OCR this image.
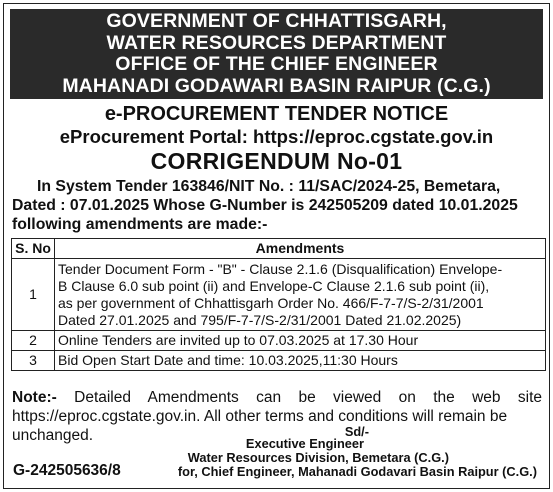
GOVERNMENT OF CHHATTISGARH,
WATER RESOURCES DEPARTMENT
OFFICE OF THE CHIEF ENGINEER
MAHANADI GODAWARI BASIN RAIPUR (C.G.)
e-PROCUREMENT TENDER NOTICE
eProcurement Portal: https://eproc.cgstate.gov.in
CORRIGENDUM No-01
In System Tender 163846/NIT No. : 11/SAC/2024-25, Bemetara,
Dated : 07.01.2025 Whose G-Number is 242505209 dated 10.01.2025
following amendments are made:-
S. No	Amendments
1	Tender Document Form - "B" - Clause 2.1.6 (Disqualification) Envelope-
B Clause 6.0 sub point (ii) and Envelope-C Clause 2.1.6 sub point (ii),
as per government of Chhattisgarh Order No. 466/F-7-7/S-2/31/2001
Dated 27.01.2025 and 795/F-7-7/S-2/31/2001 Dated 21.02.2025)

2	Online Tenders are invited up to 07.03.2025 at 17.30 Hour
3	Bid Open Start Date and time: 10.03.2025,11:30 Hours
Note:- Detailed Amendments can be viewed on the web site
https://eproc.cgstate.gov.in. All other terms and conditions will remain be
unchanged.	Sd/-
Executive Engineer
Water Resources Division, Bemetara (C.G.)
for, Chief Engineer, Mahanadi Godavari Basin Raipur (C.G.)
G-242505636/8
